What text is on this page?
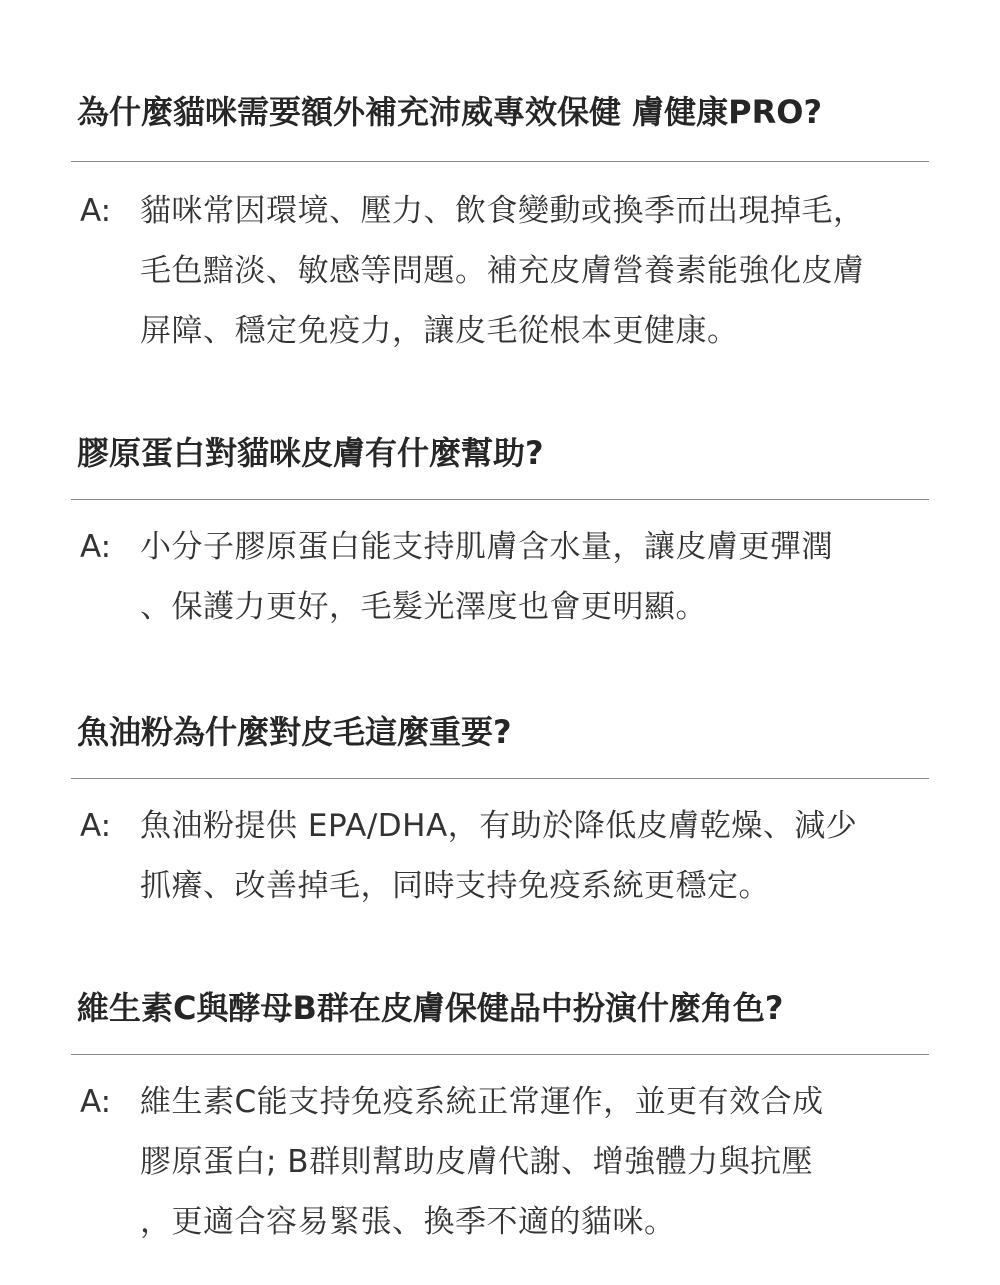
為什麼貓咪需要額外補充沛威專效保健 膚健康PRO?
A: 貓咪常因環境、壓力、飲食變動或換季而出現掉毛，
毛色黯淡、敏感等問題。補充皮膚營養素能強化皮膚
屏障、穩定免疫力，讓皮毛從根本更健康。
膠原蛋白對貓咪皮膚有什麼幫助?
A: 小分子膠原蛋白能支持肌膚含水量，讓皮膚更彈潤
、保護力更好，毛髮光澤度也會更明顯。
魚油粉為什麼對皮毛這麼重要?
A: 魚油粉提供 EPA/DHA，有助於降低皮膚乾燥、減少
抓癢、改善掉毛，同時支持免疫系統更穩定。
維生素C與酵母B群在皮膚保健品中扮演什麼角色?
A: 維生素C能支持免疫系統正常運作，並更有效合成
膠原蛋白; B群則幫助皮膚代謝、增強體力與抗壓
，更適合容易緊張、換季不適的貓咪。
